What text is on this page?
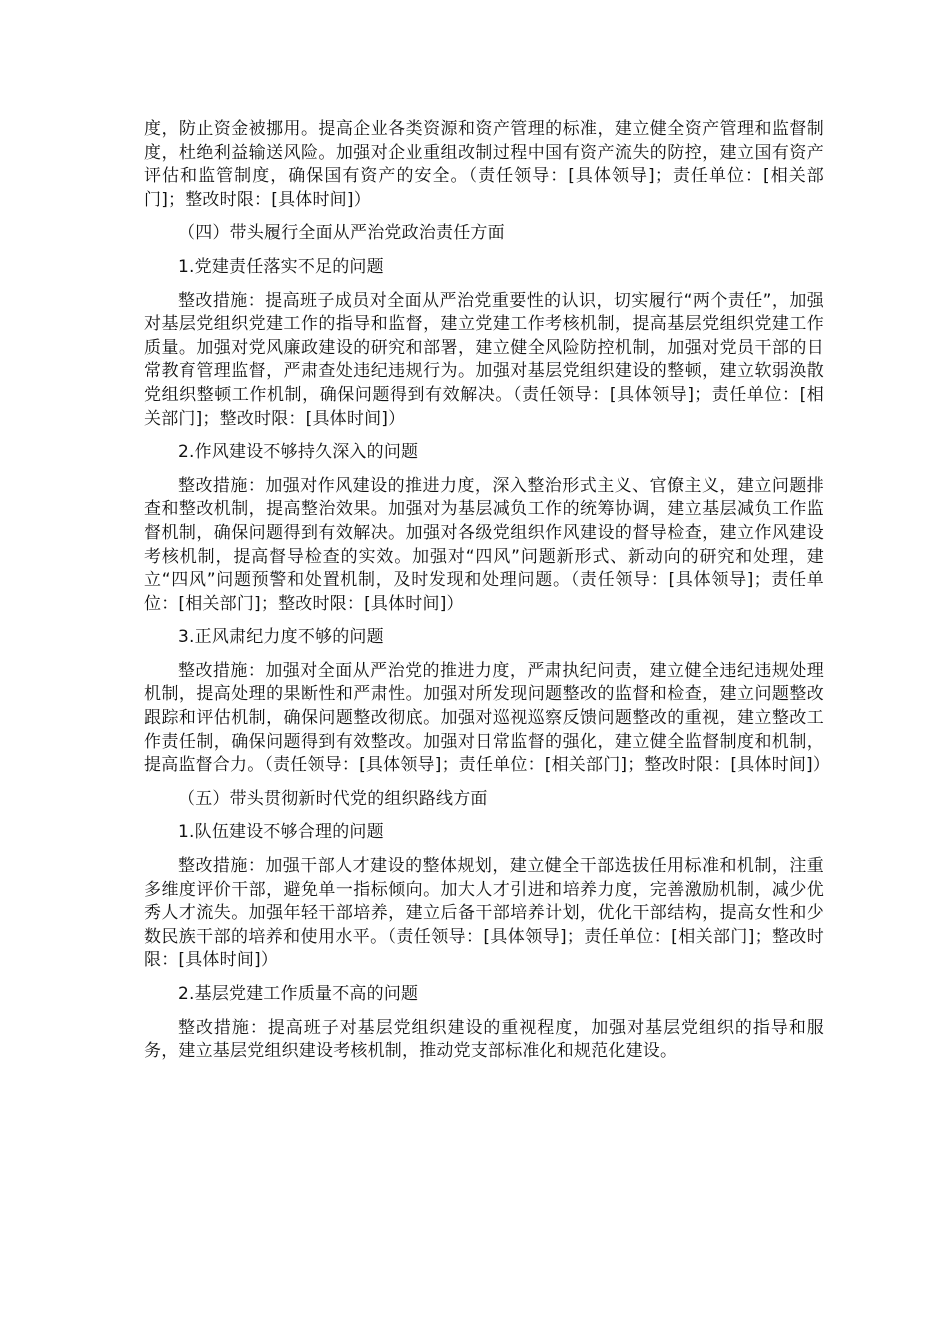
度，防止资金被挪用。提高企业各类资源和资产管理的标准，建立健全资产管理和监督制度，杜绝利益输送风险。加强对企业重组改制过程中国有资产流失的防控，建立国有资产评估和监管制度，确保国有资产的安全。（责任领导：[具体领导]；责任单位：[相关部门]；整改时限：[具体时间]）

（四）带头履行全面从严治党政治责任方面

1.党建责任落实不足的问题

整改措施：提高班子成员对全面从严治党重要性的认识，切实履行“两个责任”，加强对基层党组织党建工作的指导和监督，建立党建工作考核机制，提高基层党组织党建工作质量。加强对党风廉政建设的研究和部署，建立健全风险防控机制，加强对党员干部的日常教育管理监督，严肃查处违纪违规行为。加强对基层党组织建设的整顿，建立软弱涣散党组织整顿工作机制，确保问题得到有效解决。（责任领导：[具体领导]；责任单位：[相关部门]；整改时限：[具体时间]）

2.作风建设不够持久深入的问题

整改措施：加强对作风建设的推进力度，深入整治形式主义、官僚主义，建立问题排查和整改机制，提高整治效果。加强对为基层减负工作的统筹协调，建立基层减负工作监督机制，确保问题得到有效解决。加强对各级党组织作风建设的督导检查，建立作风建设考核机制，提高督导检查的实效。加强对“四风”问题新形式、新动向的研究和处理，建立“四风”问题预警和处置机制，及时发现和处理问题。（责任领导：[具体领导]；责任单位：[相关部门]；整改时限：[具体时间]）

3.正风肃纪力度不够的问题

整改措施：加强对全面从严治党的推进力度，严肃执纪问责，建立健全违纪违规处理机制，提高处理的果断性和严肃性。加强对所发现问题整改的监督和检查，建立问题整改跟踪和评估机制，确保问题整改彻底。加强对巡视巡察反馈问题整改的重视，建立整改工作责任制，确保问题得到有效整改。加强对日常监督的强化，建立健全监督制度和机制，提高监督合力。（责任领导：[具体领导]；责任单位：[相关部门]；整改时限：[具体时间]）

（五）带头贯彻新时代党的组织路线方面

1.队伍建设不够合理的问题

整改措施：加强干部人才建设的整体规划，建立健全干部选拔任用标准和机制，注重多维度评价干部，避免单一指标倾向。加大人才引进和培养力度，完善激励机制，减少优秀人才流失。加强年轻干部培养，建立后备干部培养计划，优化干部结构，提高女性和少数民族干部的培养和使用水平。（责任领导：[具体领导]；责任单位：[相关部门]；整改时限：[具体时间]）

2.基层党建工作质量不高的问题

整改措施：提高班子对基层党组织建设的重视程度，加强对基层党组织的指导和服务，建立基层党组织建设考核机制，推动党支部标准化和规范化建设。
